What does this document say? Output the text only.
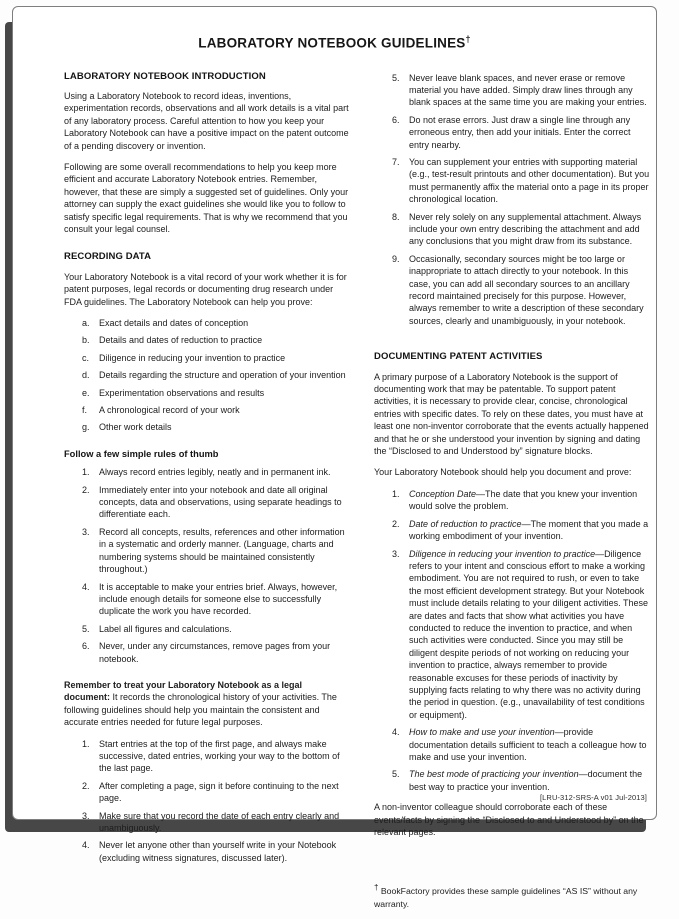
LABORATORY NOTEBOOK GUIDELINES†
LABORATORY NOTEBOOK INTRODUCTION

Using a Laboratory Notebook to record ideas, inventions, experimentation records, observations and all work details is a vital part of any laboratory process. Careful attention to how you keep your Laboratory Notebook can have a positive impact on the patent outcome of a pending discovery or invention.

Following are some overall recommendations to help you keep more efficient and accurate Laboratory Notebook entries. Remember, however, that these are simply a suggested set of guidelines. Only your attorney can supply the exact guidelines she would like you to follow to satisfy specific legal requirements. That is why we recommend that you consult your legal counsel.

RECORDING DATA

Your Laboratory Notebook is a vital record of your work whether it is for patent purposes, legal records or documenting drug research under FDA guidelines. The Laboratory Notebook can help you prove:

a.	Exact details and dates of conception
b.	Details and dates of reduction to practice
c.	Diligence in reducing your invention to practice
d.	Details regarding the structure and operation of your invention
e.	Experimentation observations and results
f.	A chronological record of your work
g.	Other work details
Follow a few simple rules of thumb
1.	Always record entries legibly, neatly and in permanent ink.
2.	Immediately enter into your notebook and date all original concepts, data and observations, using separate headings to differentiate each.
3.	Record all concepts, results, references and other information in a systematic and orderly manner. (Language, charts and numbering systems should be maintained consistently throughout.)
4.	It is acceptable to make your entries brief. Always, however, include enough details for someone else to successfully duplicate the work you have recorded.
5.	Label all figures and calculations.
6.	Never, under any circumstances, remove pages from your notebook.

Remember to treat your Laboratory Notebook as a legal document: It records the chronological history of your activities. The following guidelines should help you maintain the consistent and accurate entries needed for future legal purposes.

1.	Start entries at the top of the first page, and always make successive, dated entries, working your way to the bottom of the last page.
2.	After completing a page, sign it before continuing to the next page.
3.	Make sure that you record the date of each entry clearly and unambiguously.
4.	Never let anyone other than yourself write in your Notebook (excluding witness signatures, discussed later).
5.	Never leave blank spaces, and never erase or remove material you have added. Simply draw lines through any blank spaces at the same time you are making your entries.
6.	Do not erase errors. Just draw a single line through any erroneous entry, then add your initials. Enter the correct entry nearby.
7.	You can supplement your entries with supporting material (e.g., test-result printouts and other documentation). But you must permanently affix the material onto a page in its proper chronological location.
8.	Never rely solely on any supplemental attachment. Always include your own entry describing the attachment and add any conclusions that you might draw from its substance.
9.	Occasionally, secondary sources might be too large or inappropriate to attach directly to your notebook. In this case, you can add all secondary sources to an ancillary record maintained precisely for this purpose. However, always remember to write a description of these secondary sources, clearly and unambiguously, in your notebook.
DOCUMENTING PATENT ACTIVITIES

A primary purpose of a Laboratory Notebook is the support of documenting work that may be patentable. To support patent activities, it is necessary to provide clear, concise, chronological entries with specific dates. To rely on these dates, you must have at least one non-inventor corroborate that the events actually happened and that he or she understood your invention by signing and dating the “Disclosed to and Understood by” signature blocks.

Your Laboratory Notebook should help you document and prove:

1.	Conception Date—The date that you knew your invention would solve the problem.
2.	Date of reduction to practice—The moment that you made a working embodiment of your invention.
3.	Diligence in reducing your invention to practice—Diligence refers to your intent and conscious effort to make a working embodiment. You are not required to rush, or even to take the most efficient development strategy. But your Notebook must include details relating to your diligent activities. These are dates and facts that show what activities you have conducted to reduce the invention to practice, and when such activities were conducted. Since you may still be diligent despite periods of not working on reducing your invention to practice, always remember to provide reasonable excuses for these periods of inactivity by supplying facts relating to why there was no activity during the period in question. (e.g., unavailability of test conditions or equipment).
4.	How to make and use your invention—provide documentation details sufficient to teach a colleague how to make and use your invention.
5.	The best mode of practicing your invention—document the best way to practice your invention.

A non-inventor colleague should corroborate each of these events/facts by signing the “Disclosed to and Understood by” on the relevant pages.

† BookFactory provides these sample guidelines “AS IS” without any warranty.

[LRU-312-SRS-A v01 Jul-2013]
